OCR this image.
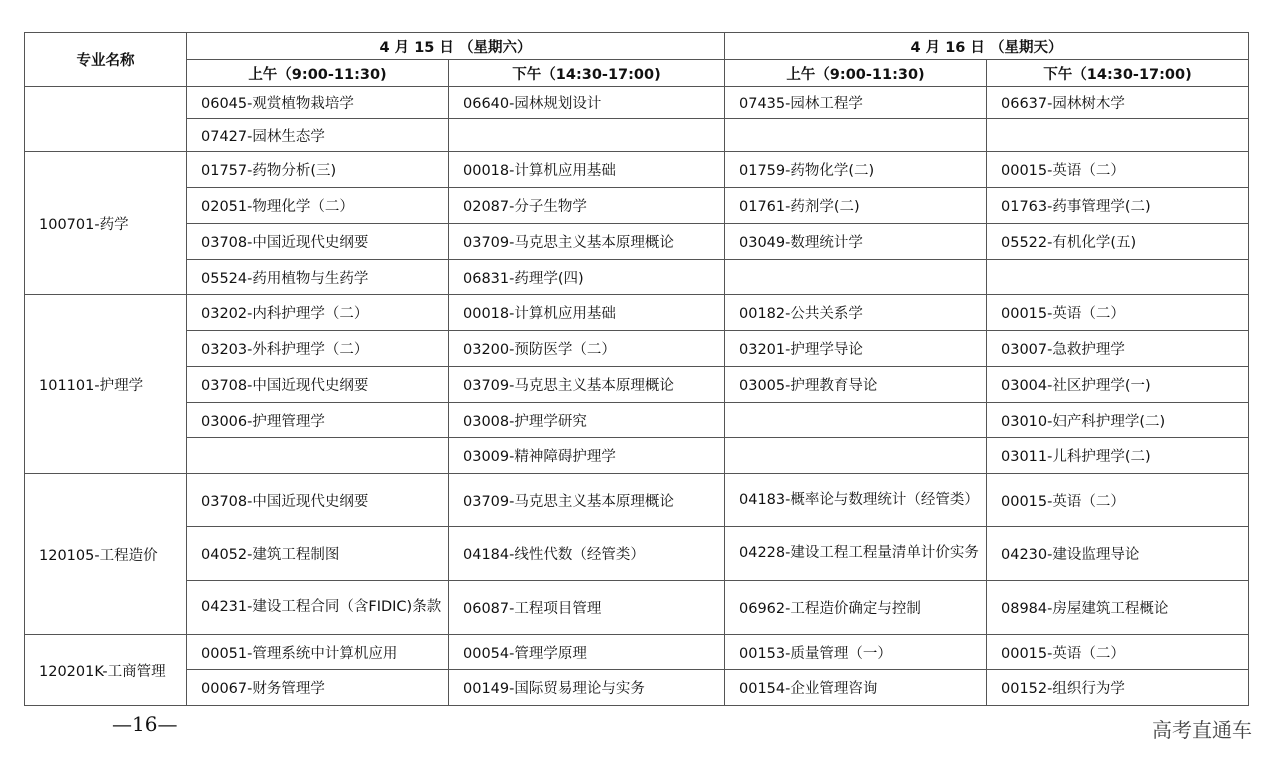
专业名称	4 月 15 日 （星期六）		4 月 16 日 （星期天）	
	上午（9:00-11:30)	下午（14:30-17:00)	上午（9:00-11:30)	下午（14:30-17:00)
	06045-观赏植物栽培学	06640-园林规划设计	07435-园林工程学	06637-园林树木学
	07427-园林生态学			
100701-药学	01757-药物分析(三)	00018-计算机应用基础	01759-药物化学(二)	00015-英语（二）
	02051-物理化学（二）	02087-分子生物学	01761-药剂学(二)	01763-药事管理学(二)
	03708-中国近现代史纲要	03709-马克思主义基本原理概论	03049-数理统计学	05522-有机化学(五)
	05524-药用植物与生药学	06831-药理学(四)		
101101-护理学	03202-内科护理学（二）	00018-计算机应用基础	00182-公共关系学	00015-英语（二）
	03203-外科护理学（二）	03200-预防医学（二）	03201-护理学导论	03007-急救护理学
	03708-中国近现代史纲要	03709-马克思主义基本原理概论	03005-护理教育导论	03004-社区护理学(一)
	03006-护理管理学	03008-护理学研究		03010-妇产科护理学(二)
		03009-精神障碍护理学		03011-儿科护理学(二)
120105-工程造价	03708-中国近现代史纲要	03709-马克思主义基本原理概论	04183-概率论与数理统计（经管类）	00015-英语（二）
	04052-建筑工程制图	04184-线性代数（经管类）	04228-建设工程工程量清单计价实务	04230-建设监理导论
	04231-建设工程合同（含FIDIC)条款	06087-工程项目管理	06962-工程造价确定与控制	08984-房屋建筑工程概论
120201K-工商管理	00051-管理系统中计算机应用	00054-管理学原理	00153-质量管理（一）	00015-英语（二）
	00067-财务管理学	00149-国际贸易理论与实务	00154-企业管理咨询	00152-组织行为学
—16—	高考直通车
